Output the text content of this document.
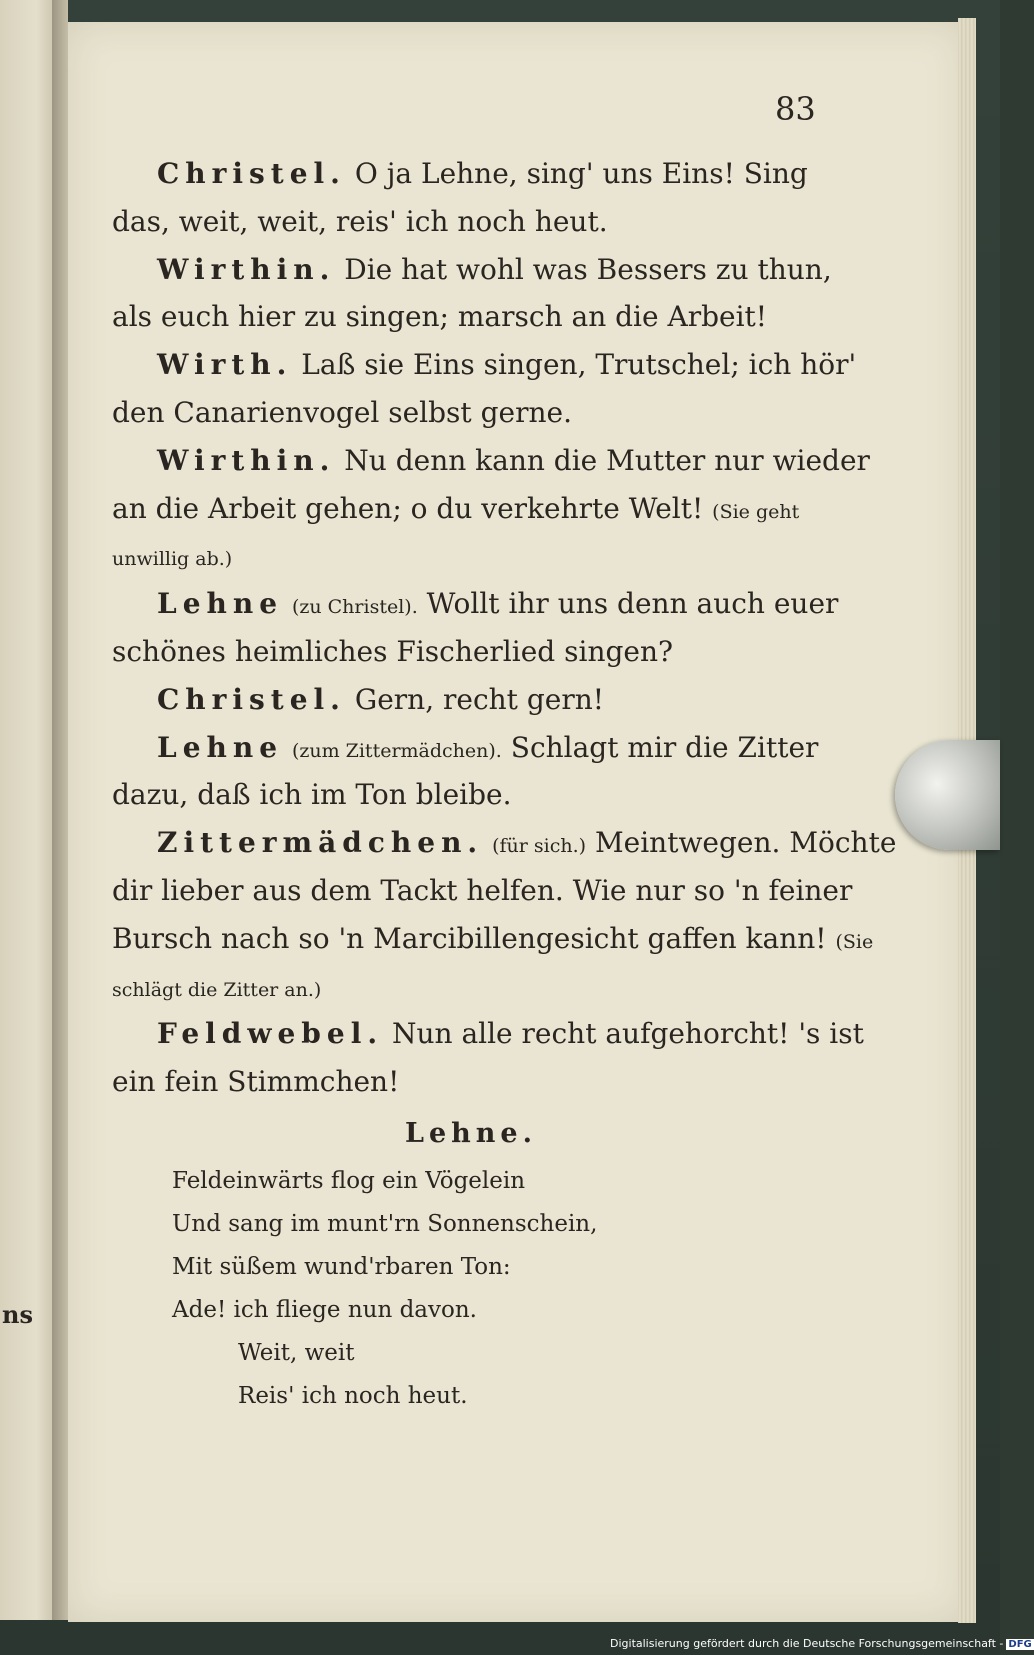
ns
83
Christel. O ja Lehne, sing' uns Eins! Sing
das, weit, weit, reis' ich noch heut.
Wirthin. Die hat wohl was Bessers zu thun,
als euch hier zu singen; marsch an die Arbeit!
Wirth. Laß sie Eins singen, Trutschel; ich hör'
den Canarienvogel selbst gerne.
Wirthin. Nu denn kann die Mutter nur wieder
an die Arbeit gehen; o du verkehrte Welt! (Sie geht
unwillig ab.)
Lehne (zu Christel). Wollt ihr uns denn auch euer
schönes heimliches Fischerlied singen?
Christel. Gern, recht gern!
Lehne (zum Zittermädchen). Schlagt mir die Zitter
dazu, daß ich im Ton bleibe.
Zittermädchen. (für sich.) Meintwegen. Möchte
dir lieber aus dem Tackt helfen. Wie nur so 'n feiner
Bursch nach so 'n Marcibillengesicht gaffen kann! (Sie
schlägt die Zitter an.)
Feldwebel. Nun alle recht aufgehorcht! 's ist
ein fein Stimmchen!
Lehne.
Feldeinwärts flog ein Vögelein
Und sang im munt'rn Sonnenschein,
Mit süßem wund'rbaren Ton:
Ade! ich fliege nun davon.
Weit, weit
Reis' ich noch heut.
Digitalisierung gefördert durch die Deutsche Forschungsgemeinschaft - DFG
